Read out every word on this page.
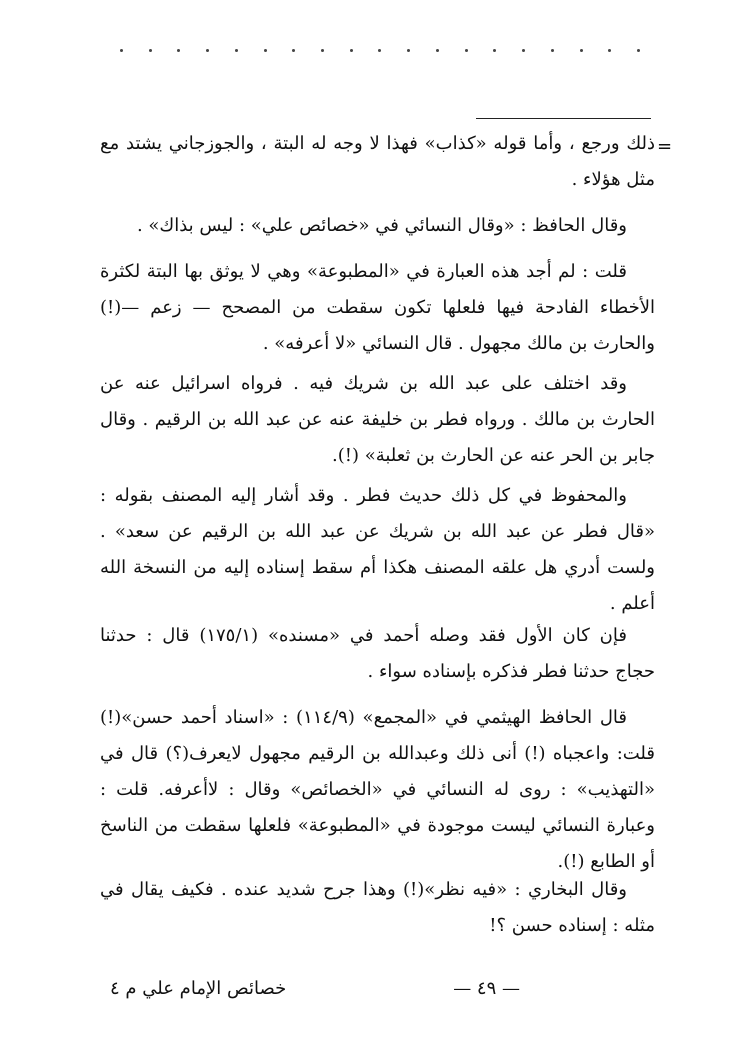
=

ذلك ورجع ، وأما قوله «كذاب» فهذا لا وجه له البتة ، والجوزجاني يشتد مع مثل هؤلاء .

وقال الحافظ : «وقال النسائي في «خصائص علي» : ليس بذاك» .

قلت : لم أجد هذه العبارة في «المطبوعة» وهي لا يوثق بها البتة لكثرة الأخطاء الفادحة فيها فلعلها تكون سقطت من المصحح — زعم —(!) والحارث بن مالك مجهول . قال النسائي «لا أعرفه» .

وقد اختلف على عبد الله بن شريك فيه . فرواه اسرائيل عنه عن الحارث بن مالك . ورواه فطر بن خليفة عنه عن عبد الله بن الرقيم . وقال جابر بن الحر عنه عن الحارث بن ثعلبة» (!).

والمحفوظ في كل ذلك حديث فطر . وقد أشار إليه المصنف بقوله : «قال فطر عن عبد الله بن شريك عن عبد الله بن الرقيم عن سعد» . ولست أدري هل علقه المصنف هكذا أم سقط إسناده إليه من النسخة الله أعلم .

فإن كان الأول فقد وصله أحمد في «مسنده» (١٧٥/١) قال : حدثنا حجاج حدثنا فطر فذكره بإسناده سواء .

قال الحافظ الهيثمي في «المجمع» (١١٤/٩) : «اسناد أحمد حسن»(!) قلت: واعجباه (!) أنى ذلك وعبدالله بن الرقيم مجهول لايعرف(؟) قال في «التهذيب» : روى له النسائي في «الخصائص» وقال : لاأعرفه. قلت : وعبارة النسائي ليست موجودة في «المطبوعة» فلعلها سقطت من الناسخ أو الطابع (!).

وقال البخاري : «فيه نظر»(!) وهذا جرح شديد عنده . فكيف يقال في مثله : إسناده حسن ؟!

— ٤٩ —
خصائص الإمام علي م ٤
